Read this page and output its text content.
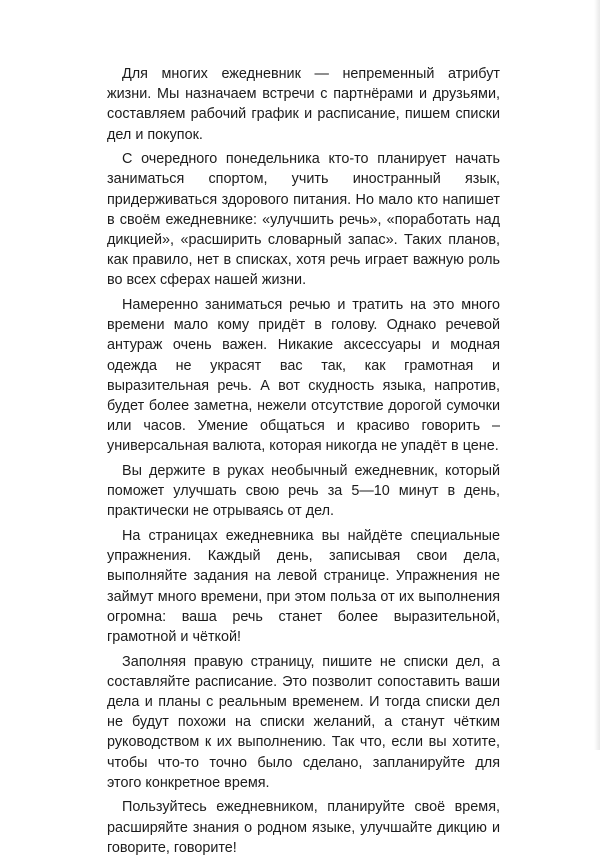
Для многих ежедневник — непременный атрибут жизни. Мы назначаем встречи с партнёрами и друзьями, составляем рабочий график и расписание, пишем списки дел и покупок.

С очередного понедельника кто-то планирует начать заниматься спортом, учить иностранный язык, придерживаться здорового питания. Но мало кто напишет в своём ежедневнике: «улучшить речь», «поработать над дикцией», «расширить словарный запас». Таких планов, как правило, нет в списках, хотя речь играет важную роль во всех сферах нашей жизни.

Намеренно заниматься речью и тратить на это много времени мало кому придёт в голову. Однако речевой антураж очень важен. Никакие аксессуары и модная одежда не украсят вас так, как грамотная и выразительная речь. А вот скудность языка, напротив, будет более заметна, нежели отсутствие дорогой сумочки или часов. Умение общаться и красиво говорить – универсальная валюта, которая никогда не упадёт в цене.

Вы держите в руках необычный ежедневник, который поможет улучшать свою речь за 5—10 минут в день, практически не отрываясь от дел.

На страницах ежедневника вы найдёте специальные упражнения. Каждый день, записывая свои дела, выполняйте задания на левой странице. Упражнения не займут много времени, при этом польза от их выполнения огромна: ваша речь станет более выразительной, грамотной и чёткой!

Заполняя правую страницу, пишите не списки дел, а составляйте расписание. Это позволит сопоставить ваши дела и планы с реальным временем. И тогда списки дел не будут похожи на списки желаний, а станут чётким руководством к их выполнению. Так что, если вы хотите, чтобы что-то точно было сделано, запланируйте для этого конкретное время.

Пользуйтесь ежедневником, планируйте своё время, расширяйте знания о родном языке, улучшайте дикцию и говорите, говорите!
